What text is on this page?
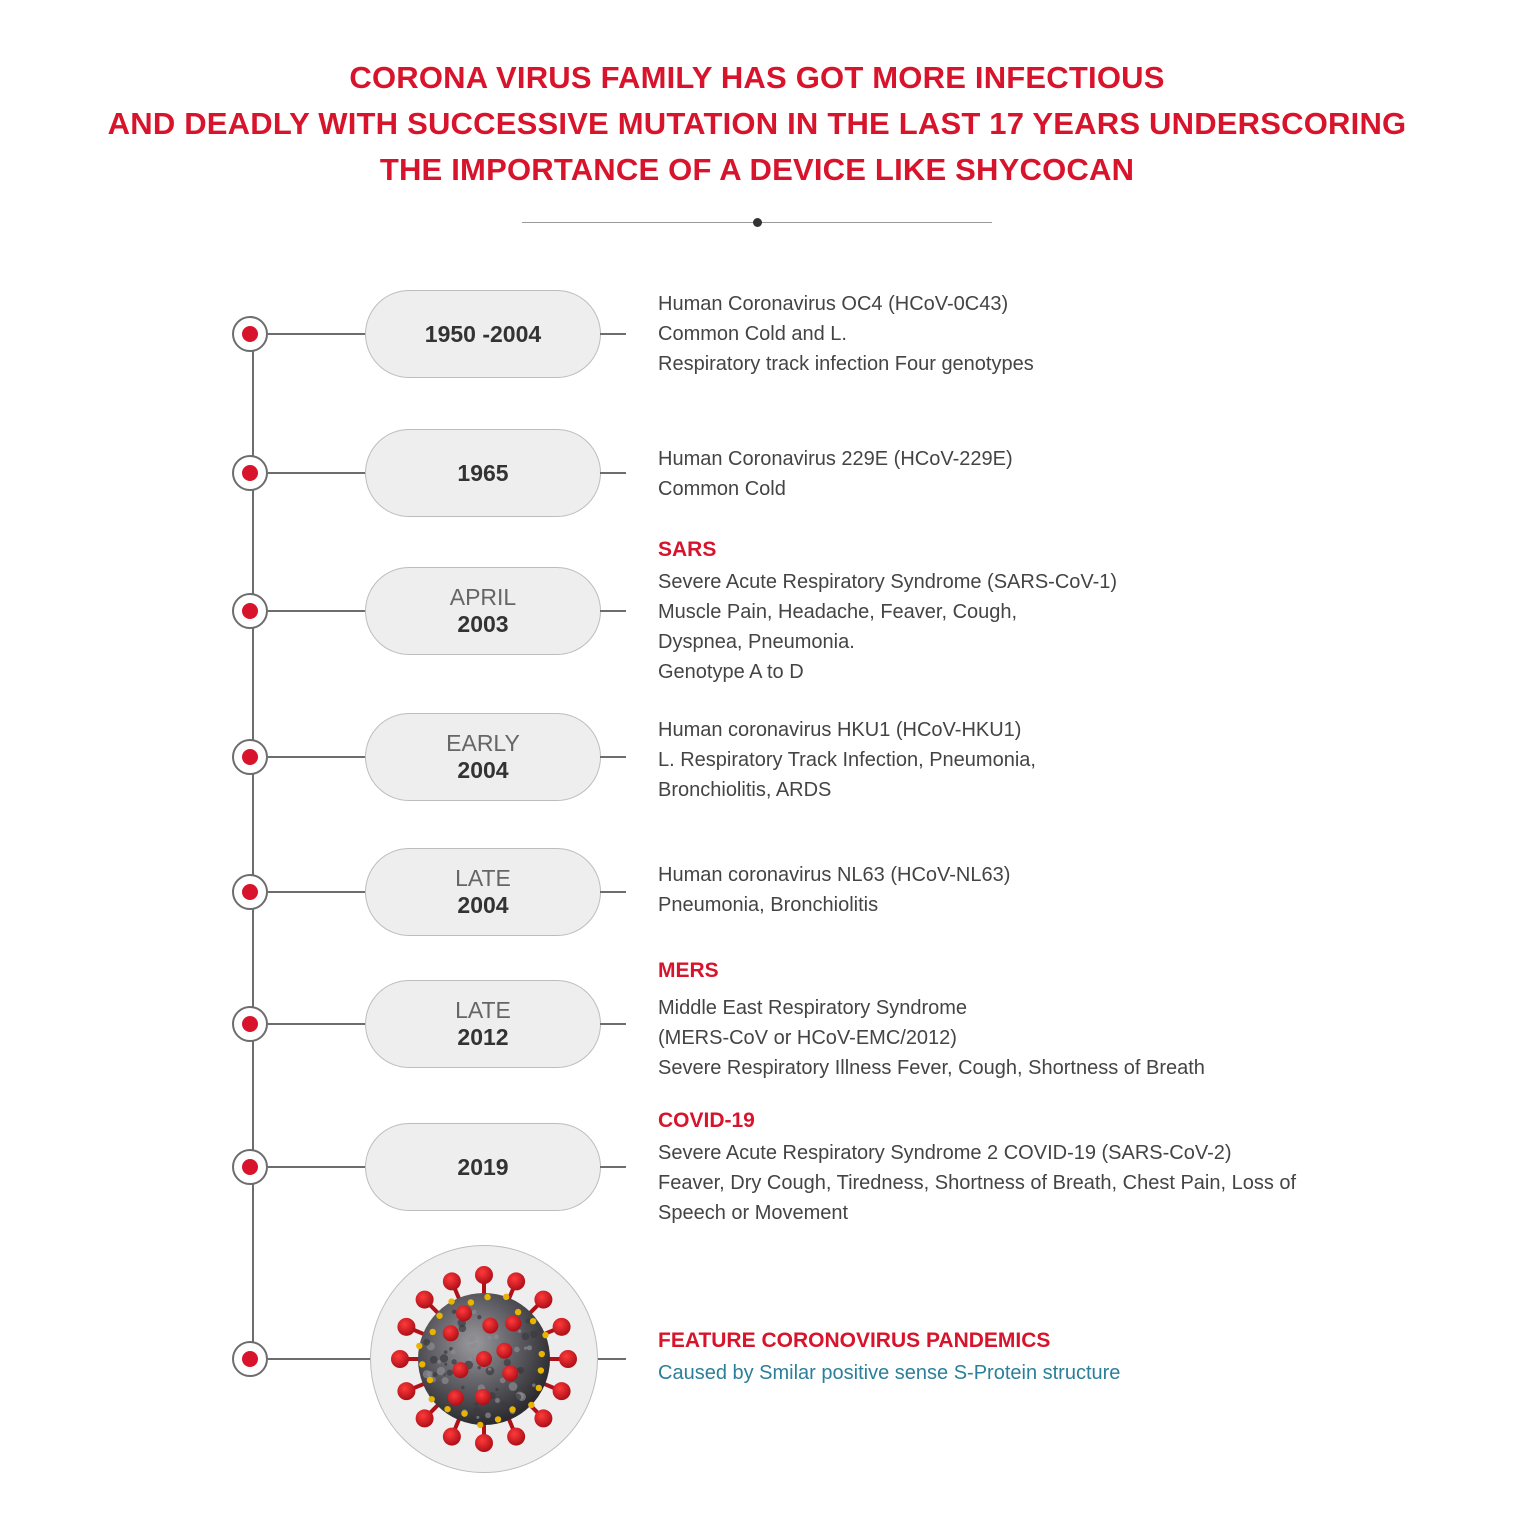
CORONA VIRUS FAMILY HAS GOT MORE INFECTIOUS
AND DEADLY WITH SUCCESSIVE MUTATION IN THE LAST 17 YEARS UNDERSCORING
THE IMPORTANCE OF A DEVICE LIKE SHYCOCAN
1950 -2004
Human Coronavirus OC4 (HCoV-0C43)
Common Cold and L.
Respiratory track infection Four genotypes
1965
Human Coronavirus 229E (HCoV-229E)
Common Cold
APRIL
2003
SARS
Severe Acute Respiratory Syndrome (SARS-CoV-1)
Muscle Pain, Headache, Feaver, Cough,
Dyspnea, Pneumonia.
Genotype A to D
EARLY
2004
Human coronavirus HKU1 (HCoV-HKU1)
L. Respiratory Track Infection, Pneumonia,
Bronchiolitis, ARDS
LATE
2004
Human coronavirus NL63 (HCoV-NL63)
Pneumonia, Bronchiolitis
LATE
2012
MERS
Middle East Respiratory Syndrome
(MERS-CoV or HCoV-EMC/2012)
Severe Respiratory Illness Fever, Cough, Shortness of Breath
2019
COVID-19
Severe Acute Respiratory Syndrome 2 COVID-19 (SARS-CoV-2)
Feaver, Dry Cough, Tiredness, Shortness of Breath, Chest Pain, Loss of
Speech or Movement
FEATURE CORONOVIRUS PANDEMICS
Caused by Smilar positive sense S-Protein structure
